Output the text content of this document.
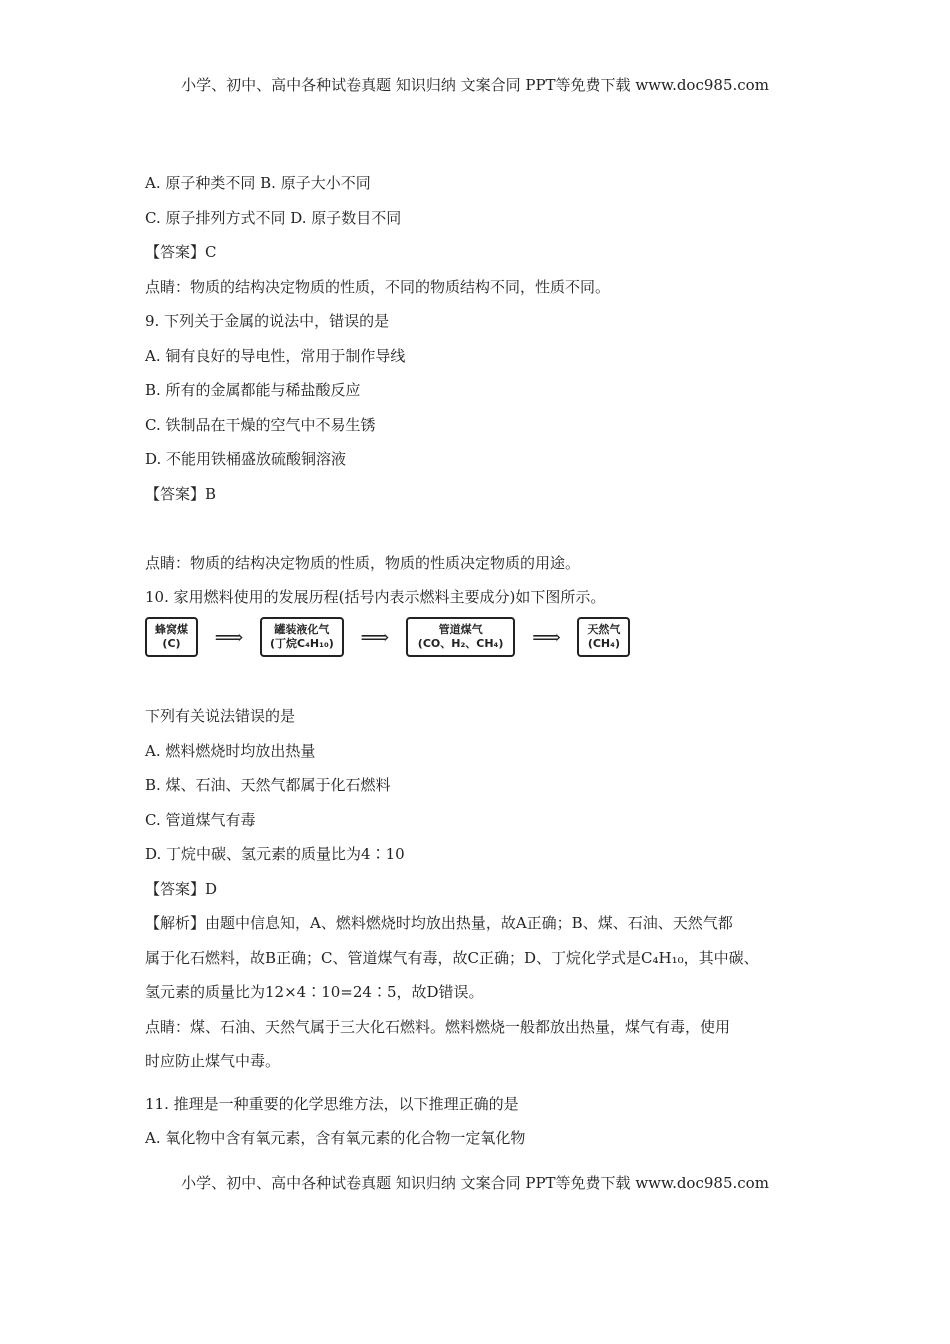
小学、初中、高中各种试卷真题 知识归纳 文案合同 PPT等免费下载 www.doc985.com
A. 原子种类不同 B. 原子大小不同
C. 原子排列方式不同 D. 原子数目不同
【答案】C
点睛：物质的结构决定物质的性质，不同的物质结构不同，性质不同。
9. 下列关于金属的说法中，错误的是
A. 铜有良好的导电性，常用于制作导线
B. 所有的金属都能与稀盐酸反应
C. 铁制品在干燥的空气中不易生锈
D. 不能用铁桶盛放硫酸铜溶液
【答案】B
点睛：物质的结构决定物质的性质，物质的性质决定物质的用途。
10. 家用燃料使用的发展历程(括号内表示燃料主要成分)如下图所示。
下列有关说法错误的是
A. 燃料燃烧时均放出热量
B. 煤、石油、天然气都属于化石燃料
C. 管道煤气有毒
D. 丁烷中碳、氢元素的质量比为4∶10
【答案】D
【解析】由题中信息知，A、燃料燃烧时均放出热量，故A正确；B、煤、石油、天然气都
属于化石燃料，故B正确；C、管道煤气有毒，故C正确；D、丁烷化学式是C₄H₁₀，其中碳、
氢元素的质量比为12×4∶10=24∶5，故D错误。
点睛：煤、石油、天然气属于三大化石燃料。燃料燃烧一般都放出热量，煤气有毒，使用
时应防止煤气中毒。
11. 推理是一种重要的化学思维方法，以下推理正确的是
A. 氧化物中含有氧元素，含有氧元素的化合物一定氧化物
蜂窝煤
(C)	⟹	罐装液化气
(丁烷C₄H₁₀)	⟹	管道煤气
(CO、H₂、CH₄)	⟹	天然气
(CH₄)
小学、初中、高中各种试卷真题 知识归纳 文案合同 PPT等免费下载 www.doc985.com
